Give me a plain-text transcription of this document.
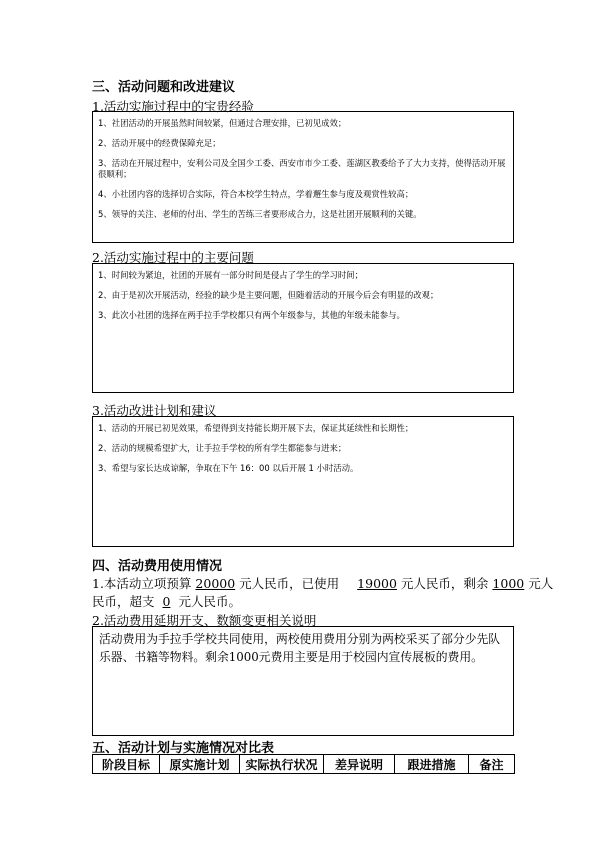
三、活动问题和改进建议
1.活动实施过程中的宝贵经验
1、社团活动的开展虽然时间较紧，但通过合理安排，已初见成效；
2、活动开展中的经费保障充足；
3、活动在开展过程中，安利公司及全国少工委、西安市市少工委、莲湖区教委给予了大力支持，使得活动开展很顺利；
4、小社团内容的选择切合实际，符合本校学生特点，学着邂生参与度及观赏性较高；
5、领导的关注、老师的付出、学生的苦练三者要形成合力，这是社团开展顺利的关键。
2.活动实施过程中的主要问题
1、时间较为紧迫，社团的开展有一部分时间是侵占了学生的学习时间；
2、由于是初次开展活动，经验的缺少是主要问题，但随着活动的开展今后会有明显的改观；
3、此次小社团的选择在两手拉手学校都只有两个年级参与，其他的年级未能参与。
3.活动改进计划和建议
1、活动的开展已初见效果，希望得到支持能长期开展下去，保证其延续性和长期性；
2、活动的规模希望扩大，让手拉手学校的所有学生都能参与进来；
3、希望与家长达成谅解，争取在下午 16：00 以后开展 1 小时活动。
四、活动费用使用情况
1.本活动立项预算 20000 元人民币，已使用 19000 元人民币，剩余 1000 元人
民币，超支 0 元人民币。
2.活动费用延期开支、数额变更相关说明
活动费用为手拉手学校共同使用，两校使用费用分别为两校采买了部分少先队乐器、书籍等物料。剩余1000元费用主要是用于校园内宣传展板的费用。
五、活动计划与实施情况对比表
阶段目标	原实施计划	实际执行状况	差异说明	跟进措施	备注
